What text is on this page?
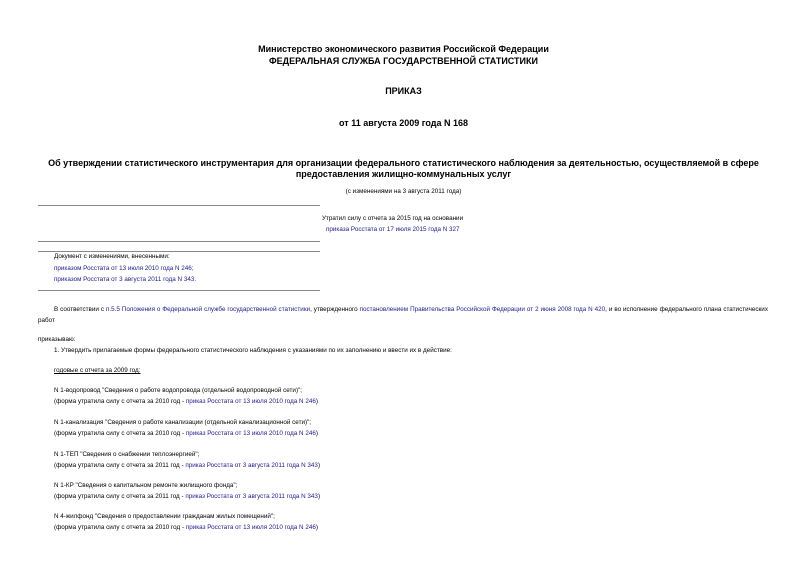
Министерство экономического развития Российской Федерации
ФЕДЕРАЛЬНАЯ СЛУЖБА ГОСУДАРСТВЕННОЙ СТАТИСТИКИ
ПРИКАЗ
от 11 августа 2009 года N 168
Об утверждении статистического инструментария для организации федерального статистического наблюдения за деятельностью, осуществляемой в сфере предоставления жилищно-коммунальных услуг
(с изменениями на 3 августа 2011 года)
Утратил силу с отчета за 2015 год на основании
приказа Росстата от 17 июля 2015 года N 327
Документ с изменениями, внесенными:
приказом Росстата от 13 июля 2010 года N 246;
приказом Росстата от 3 августа 2011 года N 343.
В соответствии с п.5.5 Положения о Федеральной службе государственной статистики, утвержденного постановлением Правительства Российской Федерации от 2 июня 2008 года N 420, и во исполнение федерального плана статистических работ
приказываю:
1. Утвердить прилагаемые формы федерального статистического наблюдения с указаниями по их заполнению и ввести их в действие:
годовые с отчета за 2009 год:
N 1-водопровод "Сведения о работе водопровода (отдельной водопроводной сети)";
(форма утратила силу с отчета за 2010 год - приказ Росстата от 13 июля 2010 года N 246)
N 1-канализация "Сведения о работе канализации (отдельной канализационной сети)";
(форма утратила силу с отчета за 2010 год - приказ Росстата от 13 июля 2010 года N 246)
N 1-ТЕП "Сведения о снабжении теплоэнергией";
(форма утратила силу с отчета за 2011 год - приказ Росстата от 3 августа 2011 года N 343)
N 1-КР "Сведения о капитальном ремонте жилищного фонда";
(форма утратила силу с отчета за 2011 год - приказ Росстата от 3 августа 2011 года N 343)
N 4-жилфонд "Сведения о предоставлении гражданам жилых помещений";
(форма утратила силу с отчета за 2010 год - приказ Росстата от 13 июля 2010 года N 246)
